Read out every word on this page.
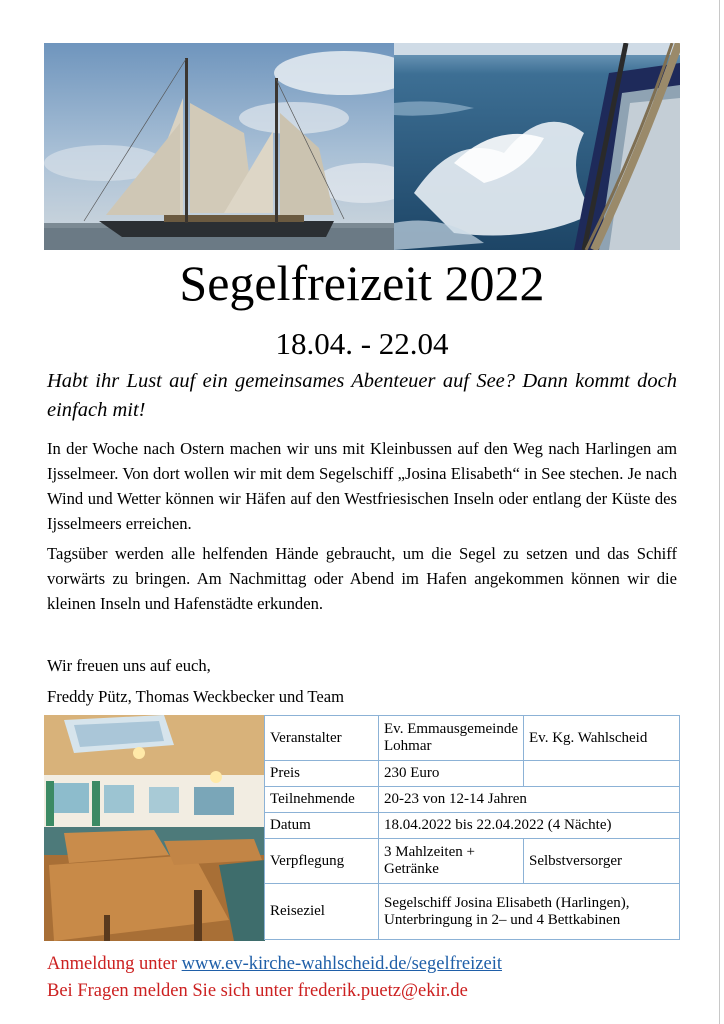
Segelfreizeit 2022
18.04. - 22.04
Habt ihr Lust auf ein gemeinsames Abenteuer auf See? Dann kommt doch einfach mit!
In der Woche nach Ostern machen wir uns mit Kleinbussen auf den Weg nach Harlingen am Ijsselmeer. Von dort wollen wir mit dem Segelschiff „Josina Elisabeth“ in See stechen. Je nach Wind und Wetter können wir Häfen auf den Westfriesischen Inseln oder entlang der Küste des Ijsselmeers erreichen.
Tagsüber werden alle helfenden Hände gebraucht, um die Segel zu setzen und das Schiff vorwärts zu bringen. Am Nachmittag oder Abend im Hafen angekommen können wir die kleinen Inseln und Hafenstädte erkunden.
Wir freuen uns auf euch,
Freddy Pütz, Thomas Weckbecker und Team
Veranstalter	Ev. Emmausgemeinde Lohmar	Ev. Kg. Wahlscheid
Preis	230 Euro	
Teilnehmende	20-23 von 12-14 Jahren	
Datum	18.04.2022 bis 22.04.2022 (4 Nächte)	
Verpflegung	3 Mahlzeiten + Getränke	Selbstversorger
Reiseziel	Segelschiff Josina Elisabeth (Harlingen), Unterbringung in 2– und 4 Bettkabinen	
Anmeldung unter www.ev-kirche-wahlscheid.de/segelfreizeit
Bei Fragen melden Sie sich unter frederik.puetz@ekir.de
